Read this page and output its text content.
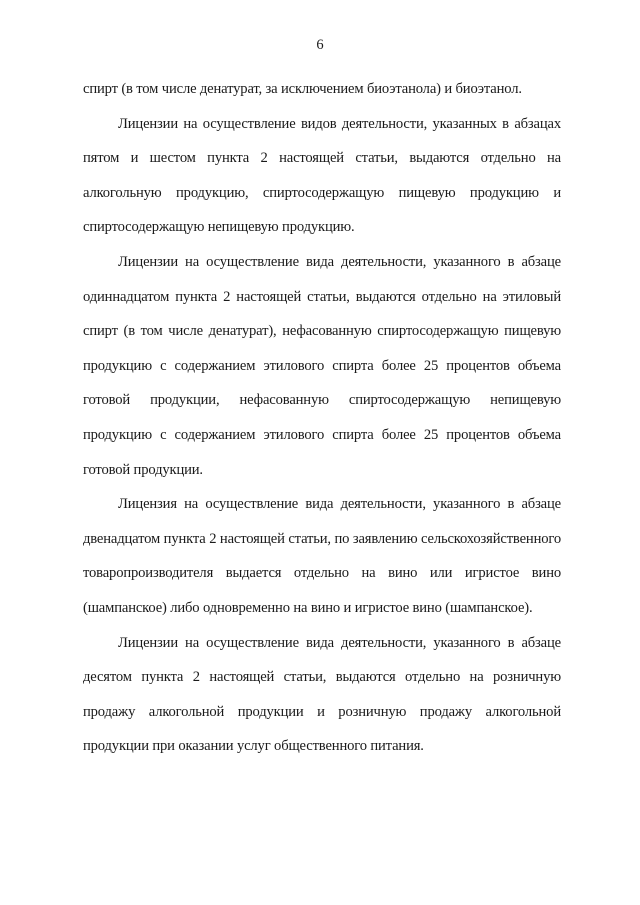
6

спирт (в том числе денатурат, за исключением биоэтанола) и биоэтанол.

Лицензии на осуществление видов деятельности, указанных в абзацах пятом и шестом пункта 2 настоящей статьи, выдаются отдельно на алкогольную продукцию, спиртосодержащую пищевую продукцию и спиртосодержащую непищевую продукцию.

Лицензии на осуществление вида деятельности, указанного в абзаце одиннадцатом пункта 2 настоящей статьи, выдаются отдельно на этиловый спирт (в том числе денатурат), нефасованную спиртосодержащую пищевую продукцию с содержанием этилового спирта более 25 процентов объема готовой продукции, нефасованную спиртосодержащую непищевую продукцию с содержанием этилового спирта более 25 процентов объема готовой продукции.

Лицензия на осуществление вида деятельности, указанного в абзаце двенадцатом пункта 2 настоящей статьи, по заявлению сельскохозяйственного товаропроизводителя выдается отдельно на вино или игристое вино (шампанское) либо одновременно на вино и игристое вино (шампанское).

Лицензии на осуществление вида деятельности, указанного в абзаце десятом пункта 2 настоящей статьи, выдаются отдельно на розничную продажу алкогольной продукции и розничную продажу алкогольной продукции при оказании услуг общественного питания.
